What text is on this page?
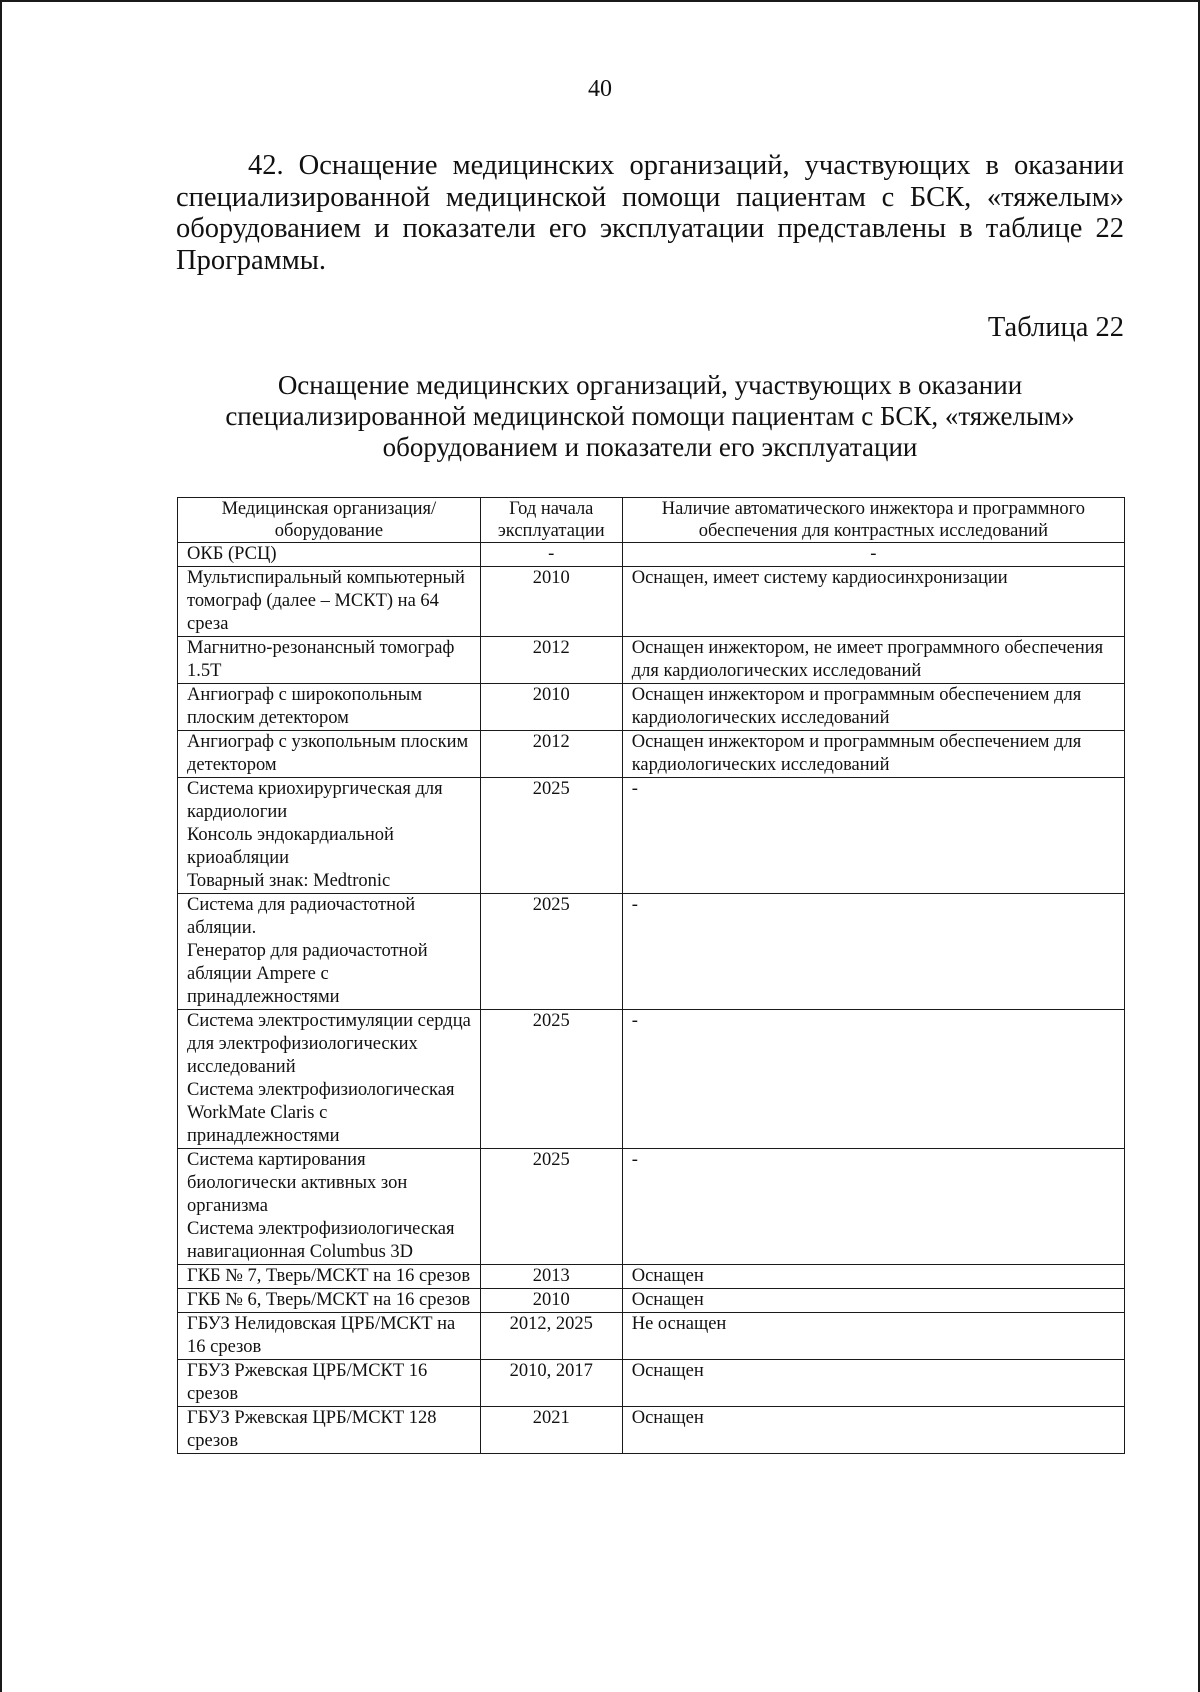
40

42. Оснащение медицинских организаций, участвующих в оказании специализированной медицинской помощи пациентам с БСК, «тяжелым» оборудованием и показатели его эксплуатации представлены в таблице 22 Программы.

Таблица 22
Оснащение медицинских организаций, участвующих в оказании
специализированной медицинской помощи пациентам с БСК, «тяжелым»
оборудованием и показатели его эксплуатации
Медицинская организация/ оборудование	Год начала эксплуатации	Наличие автоматического инжектора и программного обеспечения для контрастных исследований
ОКБ (РСЦ)	-	-
Мультиспиральный компьютерный томограф (далее – МСКТ) на 64 среза	2010	Оснащен, имеет систему кардиосинхронизации
Магнитно-резонансный томограф 1.5Т	2012	Оснащен инжектором, не имеет программного обеспечения для кардиологических исследований
Ангиограф с широкопольным плоским детектором	2010	Оснащен инжектором и программным обеспечением для кардиологических исследований
Ангиограф с узкопольным плоским детектором	2012	Оснащен инжектором и программным обеспечением для кардиологических исследований
Система криохирургическая для кардиологии
Консоль эндокардиальной криоабляции
Товарный знак: Medtronic	2025	-
Система для радиочастотной абляции.
Генератор для радиочастотной абляции Ampere с принадлежностями	2025	-
Система электростимуляции сердца для электрофизиологических исследований
Система электрофизиологическая WorkMate Claris с принадлежностями	2025	-
Система картирования биологически активных зон организма
Система электрофизиологическая навигационная Columbus 3D	2025	-
ГКБ № 7, Тверь/МСКТ на 16 срезов	2013	Оснащен
ГКБ № 6, Тверь/МСКТ на 16 срезов	2010	Оснащен
ГБУЗ Нелидовская ЦРБ/МСКТ на 16 срезов	2012, 2025	Не оснащен
ГБУЗ Ржевская ЦРБ/МСКТ 16 срезов	2010, 2017	Оснащен
ГБУЗ Ржевская ЦРБ/МСКТ 128 срезов	2021	Оснащен
